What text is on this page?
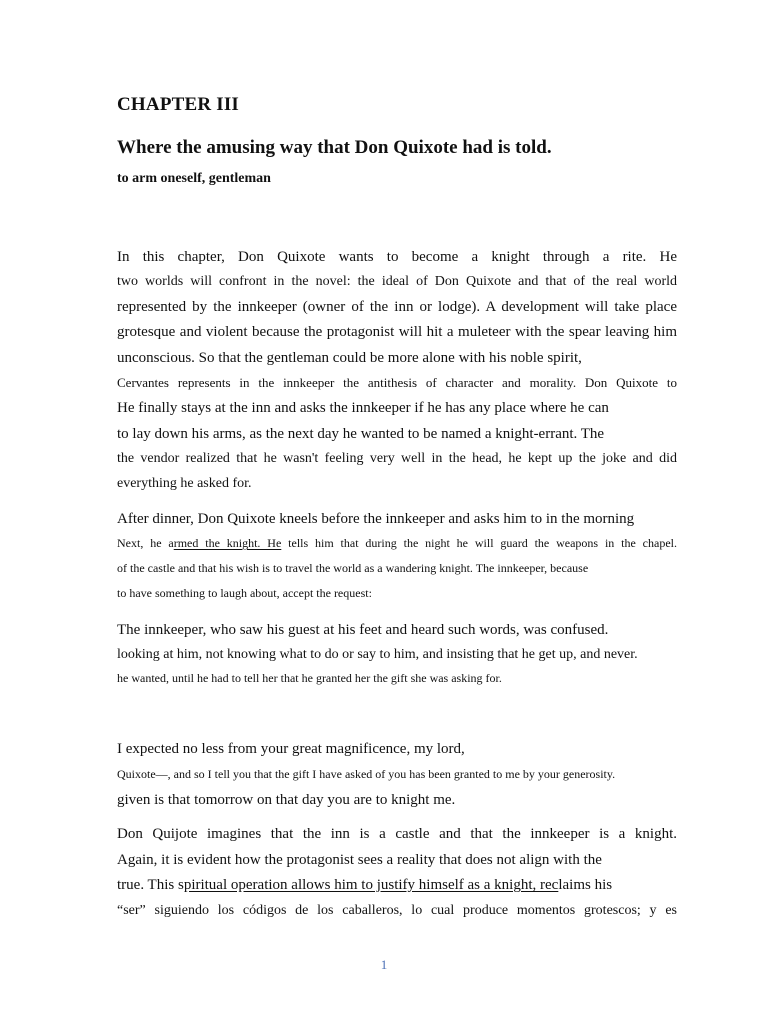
CHAPTER III
Where the amusing way that Don Quixote had is told.
to arm oneself, gentleman
In this chapter, Don Quixote wants to become a knight through a rite. He
two worlds will confront in the novel: the ideal of Don Quixote and that of the real world
represented by the innkeeper (owner of the inn or lodge). A development will take place
grotesque and violent because the protagonist will hit a muleteer with the spear leaving him
unconscious. So that the gentleman could be more alone with his noble spirit,
Cervantes represents in the innkeeper the antithesis of character and morality. Don Quixote to
He finally stays at the inn and asks the innkeeper if he has any place where he can
to lay down his arms, as the next day he wanted to be named a knight-errant. The
the vendor realized that he wasn't feeling very well in the head, he kept up the joke and did
everything he asked for.
After dinner, Don Quixote kneels before the innkeeper and asks him to in the morning
Next, he armed the knight. He tells him that during the night he will guard the weapons in the chapel.
of the castle and that his wish is to travel the world as a wandering knight. The innkeeper, because
to have something to laugh about, accept the request:
The innkeeper, who saw his guest at his feet and heard such words, was confused.
looking at him, not knowing what to do or say to him, and insisting that he get up, and never.
he wanted, until he had to tell her that he granted her the gift she was asking for.
I expected no less from your great magnificence, my lord,
Quixote—, and so I tell you that the gift I have asked of you has been granted to me by your generosity.
given is that tomorrow on that day you are to knight me.
Don Quijote imagines that the inn is a castle and that the innkeeper is a knight.
Again, it is evident how the protagonist sees a reality that does not align with the
true. This spiritual operation allows him to justify himself as a knight, reclaims his
“ser” siguiendo los códigos de los caballeros, lo cual produce momentos grotescos; y es
1
